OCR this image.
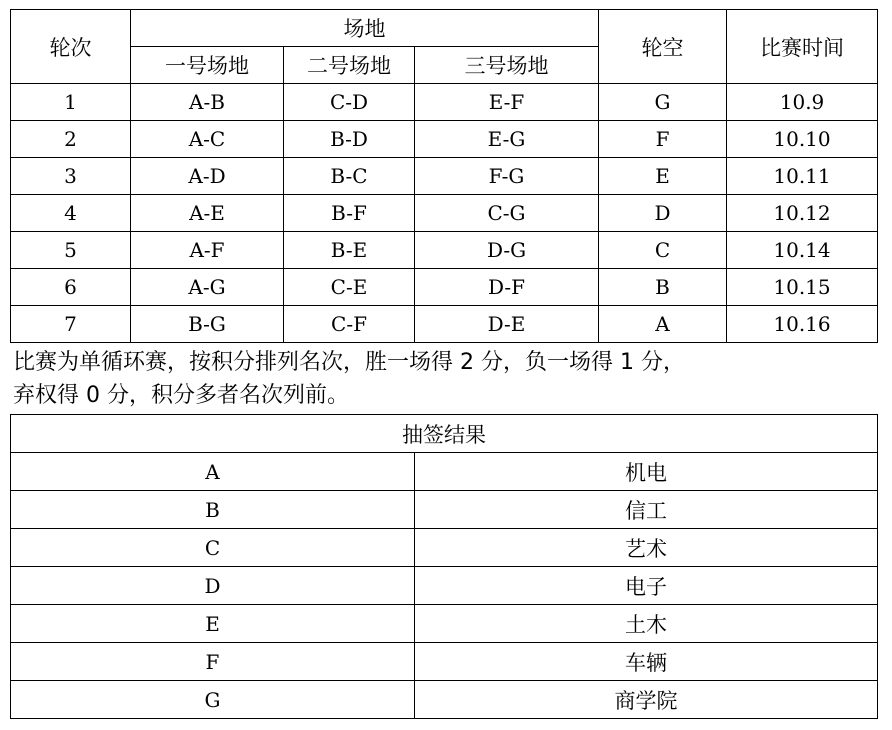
轮次	场地			轮空	比赛时间
	一号场地	二号场地	三号场地		
1	A-B	C-D	E-F	G	10.9
2	A-C	B-D	E-G	F	10.10
3	A-D	B-C	F-G	E	10.11
4	A-E	B-F	C-G	D	10.12
5	A-F	B-E	D-G	C	10.14
6	A-G	C-E	D-F	B	10.15
7	B-G	C-F	D-E	A	10.16

比赛为单循环赛，按积分排列名次，胜一场得 2 分，负一场得 1 分，

弃权得 0 分，积分多者名次列前。

抽签结果	
A	机电
B	信工
C	艺术
D	电子
E	土木
F	车辆
G	商学院
